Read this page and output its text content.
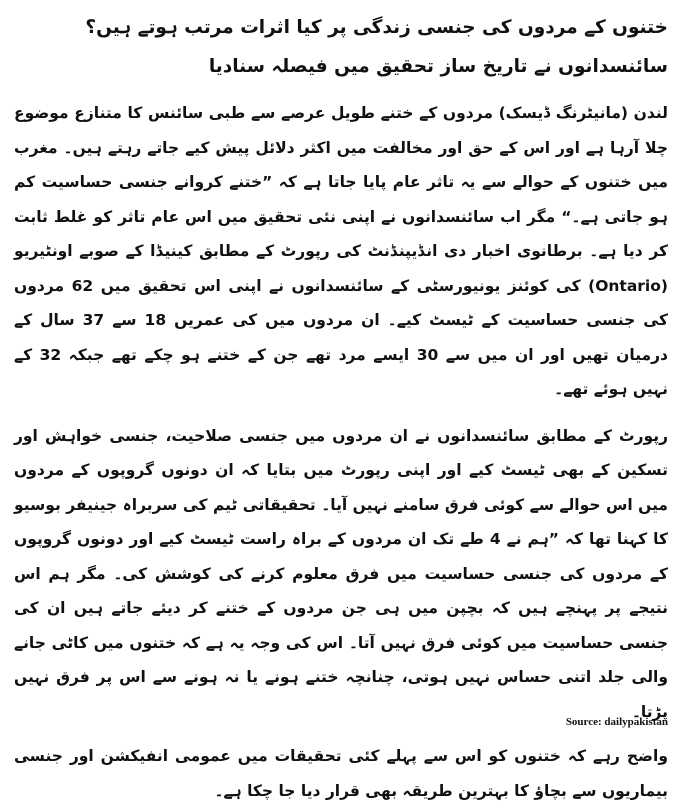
ختنوں کے مردوں کی جنسی زندگی پر کیا اثرات مرتب ہوتے ہیں؟ سائنسدانوں نے تاریخ ساز تحقیق میں فیصلہ سنادیا

لندن (مانیٹرنگ ڈیسک) مردوں کے ختنے طویل عرصے سے طبی سائنس کا متنازع موضوع چلا آرہا ہے اور اس کے حق اور مخالفت میں اکثر دلائل پیش کیے جاتے رہتے ہیں۔ مغرب میں ختنوں کے حوالے سے یہ تاثر عام پایا جاتا ہے کہ ”ختنے کروانے جنسی حساسیت کم ہو جاتی ہے۔“ مگر اب سائنسدانوں نے اپنی نئی تحقیق میں اس عام تاثر کو غلط ثابت کر دیا ہے۔ برطانوی اخبار دی انڈیپنڈنٹ کی رپورٹ کے مطابق کینیڈا کے صوبے اونٹیریو (Ontario) کی کوئنز یونیورسٹی کے سائنسدانوں نے اپنی اس تحقیق میں 62 مردوں کی جنسی حساسیت کے ٹیسٹ کیے۔ ان مردوں میں کی عمریں 18 سے 37 سال کے درمیان تھیں اور ان میں سے 30 ایسے مرد تھے جن کے ختنے ہو چکے تھے جبکہ 32 کے نہیں ہوئے تھے۔

رپورٹ کے مطابق سائنسدانوں نے ان مردوں میں جنسی صلاحیت، جنسی خواہش اور تسکین کے بھی ٹیسٹ کیے اور اپنی رپورٹ میں بتایا کہ ان دونوں گروپوں کے مردوں میں اس حوالے سے کوئی فرق سامنے نہیں آیا۔ تحقیقاتی ٹیم کی سربراہ جینیفر بوسیو کا کہنا تھا کہ ”ہم نے 4 طے تک ان مردوں کے براہ راست ٹیسٹ کیے اور دونوں گروپوں کے مردوں کی جنسی حساسیت میں فرق معلوم کرنے کی کوشش کی۔ مگر ہم اس نتیجے پر پہنچے ہیں کہ بچپن میں ہی جن مردوں کے ختنے کر دیئے جاتے ہیں ان کی جنسی حساسیت میں کوئی فرق نہیں آتا۔ اس کی وجہ یہ ہے کہ ختنوں میں کاٹی جانے والی جلد اتنی حساس نہیں ہوتی، چنانچہ ختنے ہونے یا نہ ہونے سے اس پر فرق نہیں پڑتا۔

واضح رہے کہ ختنوں کو اس سے پہلے کئی تحقیقات میں عمومی انفیکشن اور جنسی بیماریوں سے بچاؤ کا بہترین طریقہ بھی قرار دیا جا چکا ہے۔

Source: dailypakistan
